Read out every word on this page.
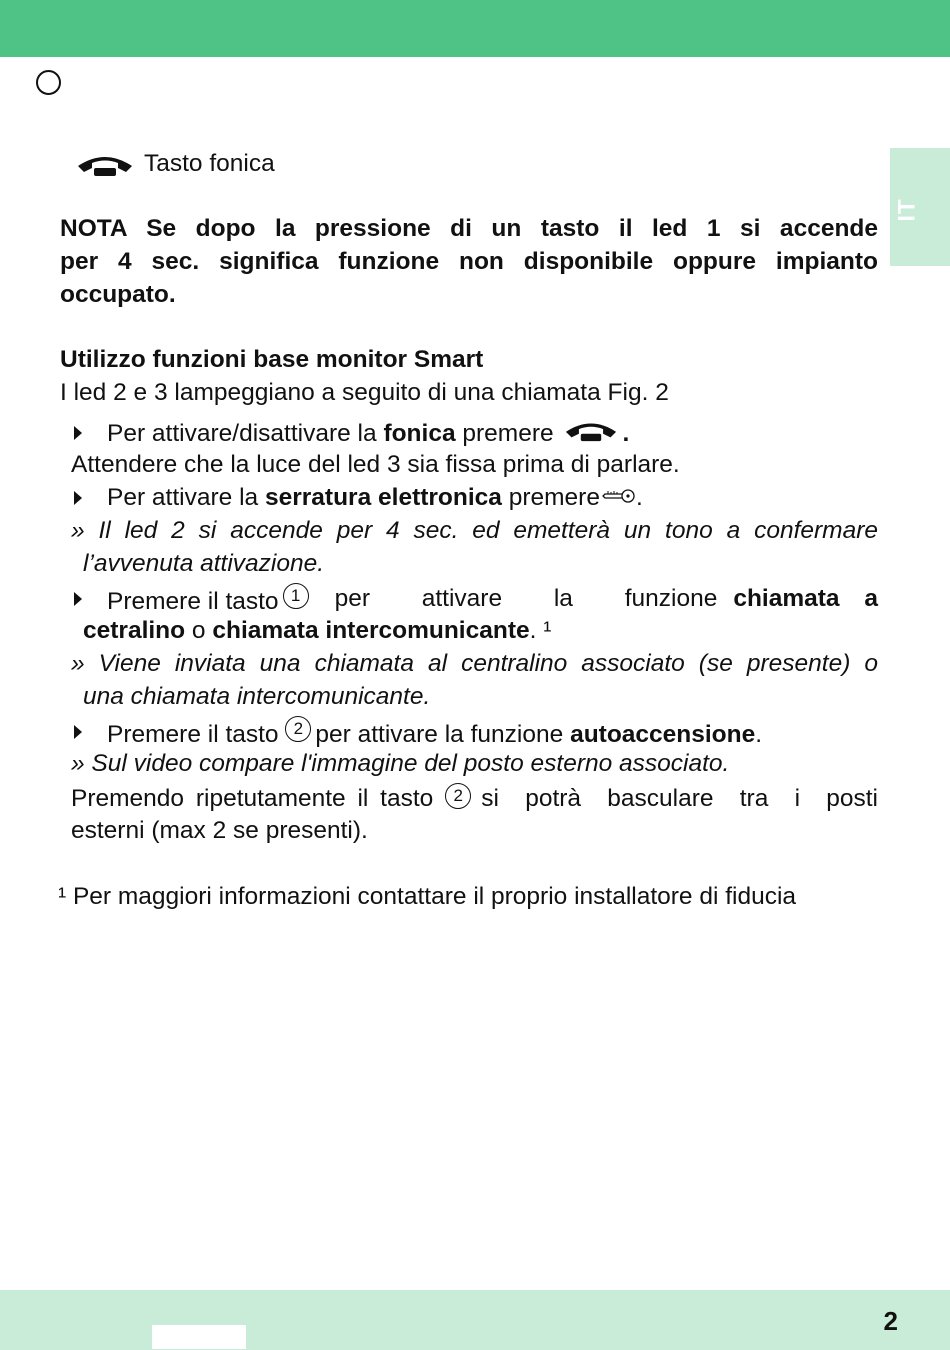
IT
Tasto fonica
NOTA Se dopo la pressione di un tasto il led 1 si accende
per 4 sec. significa funzione non disponibile oppure impianto
occupato.
Utilizzo funzioni base monitor Smart
I led 2 e 3 lampeggiano a seguito di una chiamata Fig. 2
Per attivare/disattivare la fonica premere	.
Attendere che la luce del led 3 sia fissa prima di parlare.
Per attivare la serratura elettronica premere .
» Il led 2 si accende per 4 sec. ed emetterà un tono a confermare
l’avvenuta attivazione.
Premere il tasto 1	per attivare la funzione chiamata a
cetralino o chiamata intercomunicante. ¹
» Viene inviata una chiamata al centralino associato (se presente) o
una chiamata intercomunicante.
Premere il tasto 2 per attivare la funzione autoaccensione.
» Sul video compare l'immagine del posto esterno associato.
Premendo ripetutamente il tasto	2 si potrà basculare tra i posti
esterni (max 2 se presenti).
¹ Per maggiori informazioni contattare il proprio installatore di fiducia
2
